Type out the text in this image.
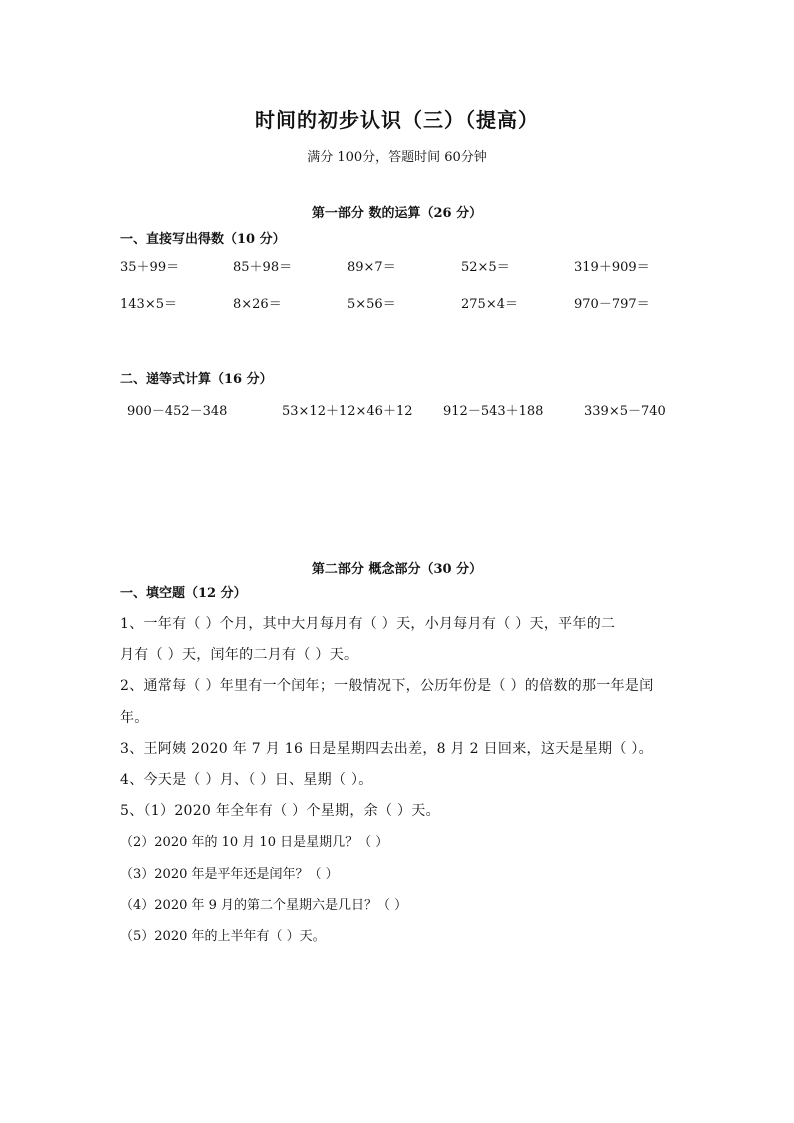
时间的初步认识（三）（提高）
满分 100分，答题时间 60分钟
第一部分 数的运算（26 分）
一、直接写出得数（10 分）
35＋99＝	85＋98＝	89×7＝	52×5＝	319＋909＝
143×5＝	8×26＝	5×56＝	275×4＝	970－797＝
二、递等式计算（16 分）
900－452－348	53×12＋12×46＋12 912－543＋188	339×5－740
第二部分 概念部分（30 分）
一、填空题（12 分）
1、一年有（ ）个月，其中大月每月有（ ）天，小月每月有（ ）天，平年的二
月有（ ）天，闰年的二月有（ ）天。
2、通常每（ ）年里有一个闰年；一般情况下，公历年份是（ ）的倍数的那一年是闰
年。
3、王阿姨 2020 年 7 月 16 日是星期四去出差，8 月 2 日回来，这天是星期（ ）。
4、今天是（ ）月、（ ）日、星期（ ）。
5、（1）2020 年全年有（ ）个星期，余（ ）天。
（2）2020 年的 10 月 10 日是星期几？（ ）
（3）2020 年是平年还是闰年？（ ）
（4）2020 年 9 月的第二个星期六是几日？（ ）
（5）2020 年的上半年有（ ）天。
